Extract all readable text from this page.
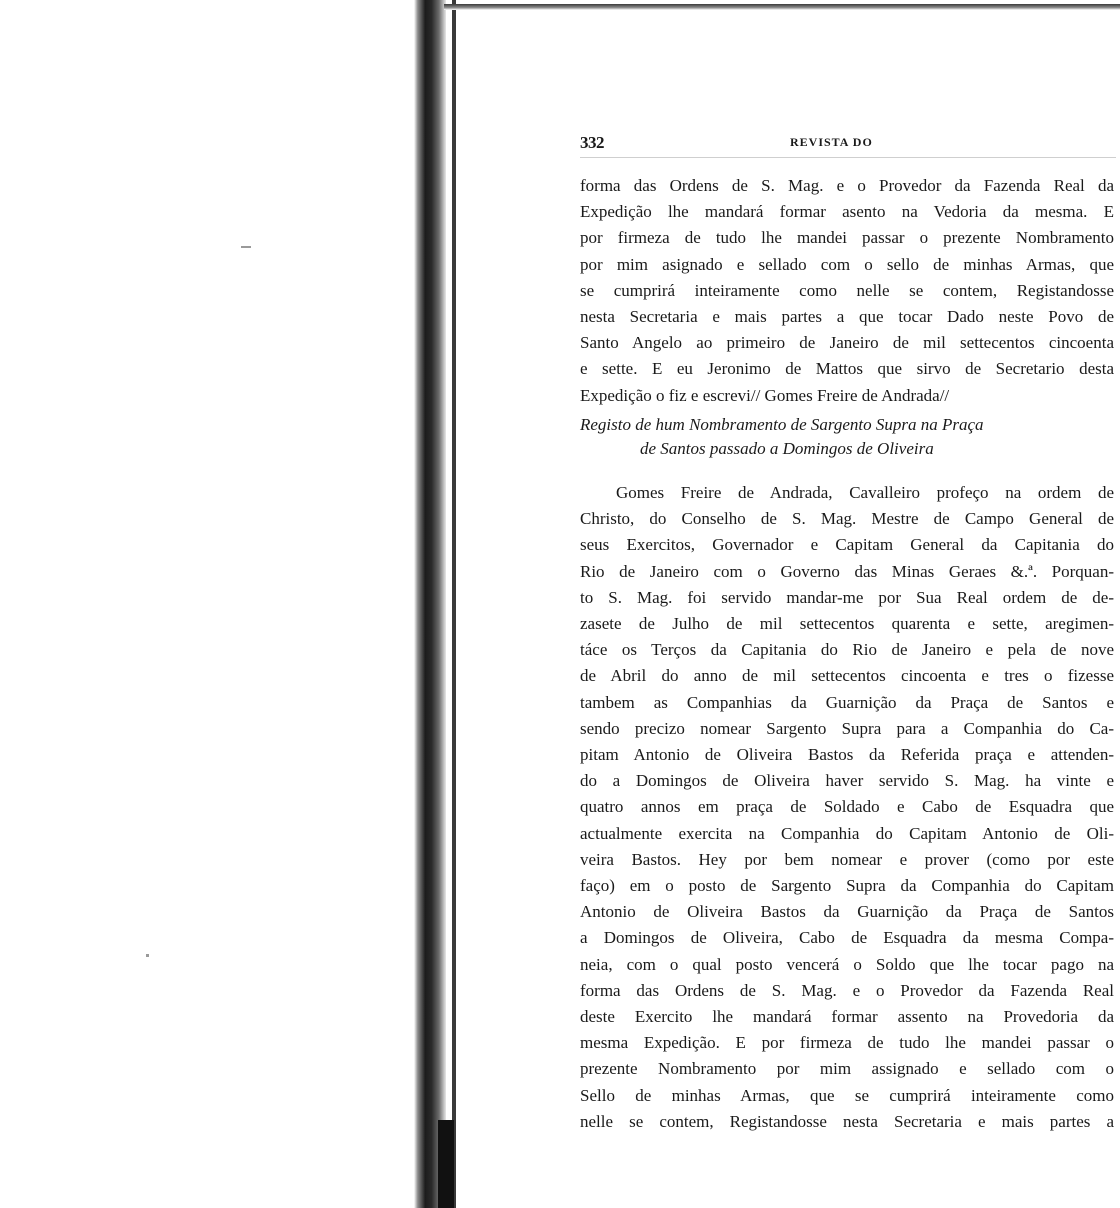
332	REVISTA DO
forma das Ordens de S. Mag. e o Provedor da Fazenda Real da
Expedição lhe mandará formar asento na Vedoria da mesma. E
por firmeza de tudo lhe mandei passar o prezente Nombramento
por mim asignado e sellado com o sello de minhas Armas, que
se cumprirá inteiramente como nelle se contem, Registandosse
nesta Secretaria e mais partes a que tocar Dado neste Povo de
Santo Angelo ao primeiro de Janeiro de mil settecentos cincoenta
e sette. E eu Jeronimo de Mattos que sirvo de Secretario desta
Expedição o fiz e escrevi// Gomes Freire de Andrada//
Registo de hum Nombramento de Sargento Supra na Praça
de Santos passado a Domingos de Oliveira
Gomes Freire de Andrada, Cavalleiro profeço na ordem de
Christo, do Conselho de S. Mag. Mestre de Campo General de
seus Exercitos, Governador e Capitam General da Capitania do
Rio de Janeiro com o Governo das Minas Geraes &.ª. Porquan-
to S. Mag. foi servido mandar-me por Sua Real ordem de de-
zasete de Julho de mil settecentos quarenta e sette, aregimen-
táce os Terços da Capitania do Rio de Janeiro e pela de nove
de Abril do anno de mil settecentos cincoenta e tres o fizesse
tambem as Companhias da Guarnição da Praça de Santos e
sendo precizo nomear Sargento Supra para a Companhia do Ca-
pitam Antonio de Oliveira Bastos da Referida praça e attenden-
do a Domingos de Oliveira haver servido S. Mag. ha vinte e
quatro annos em praça de Soldado e Cabo de Esquadra que
actualmente exercita na Companhia do Capitam Antonio de Oli-
veira Bastos. Hey por bem nomear e prover (como por este
faço) em o posto de Sargento Supra da Companhia do Capitam
Antonio de Oliveira Bastos da Guarnição da Praça de Santos
a Domingos de Oliveira, Cabo de Esquadra da mesma Compa-
neia, com o qual posto vencerá o Soldo que lhe tocar pago na
forma das Ordens de S. Mag. e o Provedor da Fazenda Real
deste Exercito lhe mandará formar assento na Provedoria da
mesma Expedição. E por firmeza de tudo lhe mandei passar o
prezente Nombramento por mim assignado e sellado com o
Sello de minhas Armas, que se cumprirá inteiramente como
nelle se contem, Registandosse nesta Secretaria e mais partes a
